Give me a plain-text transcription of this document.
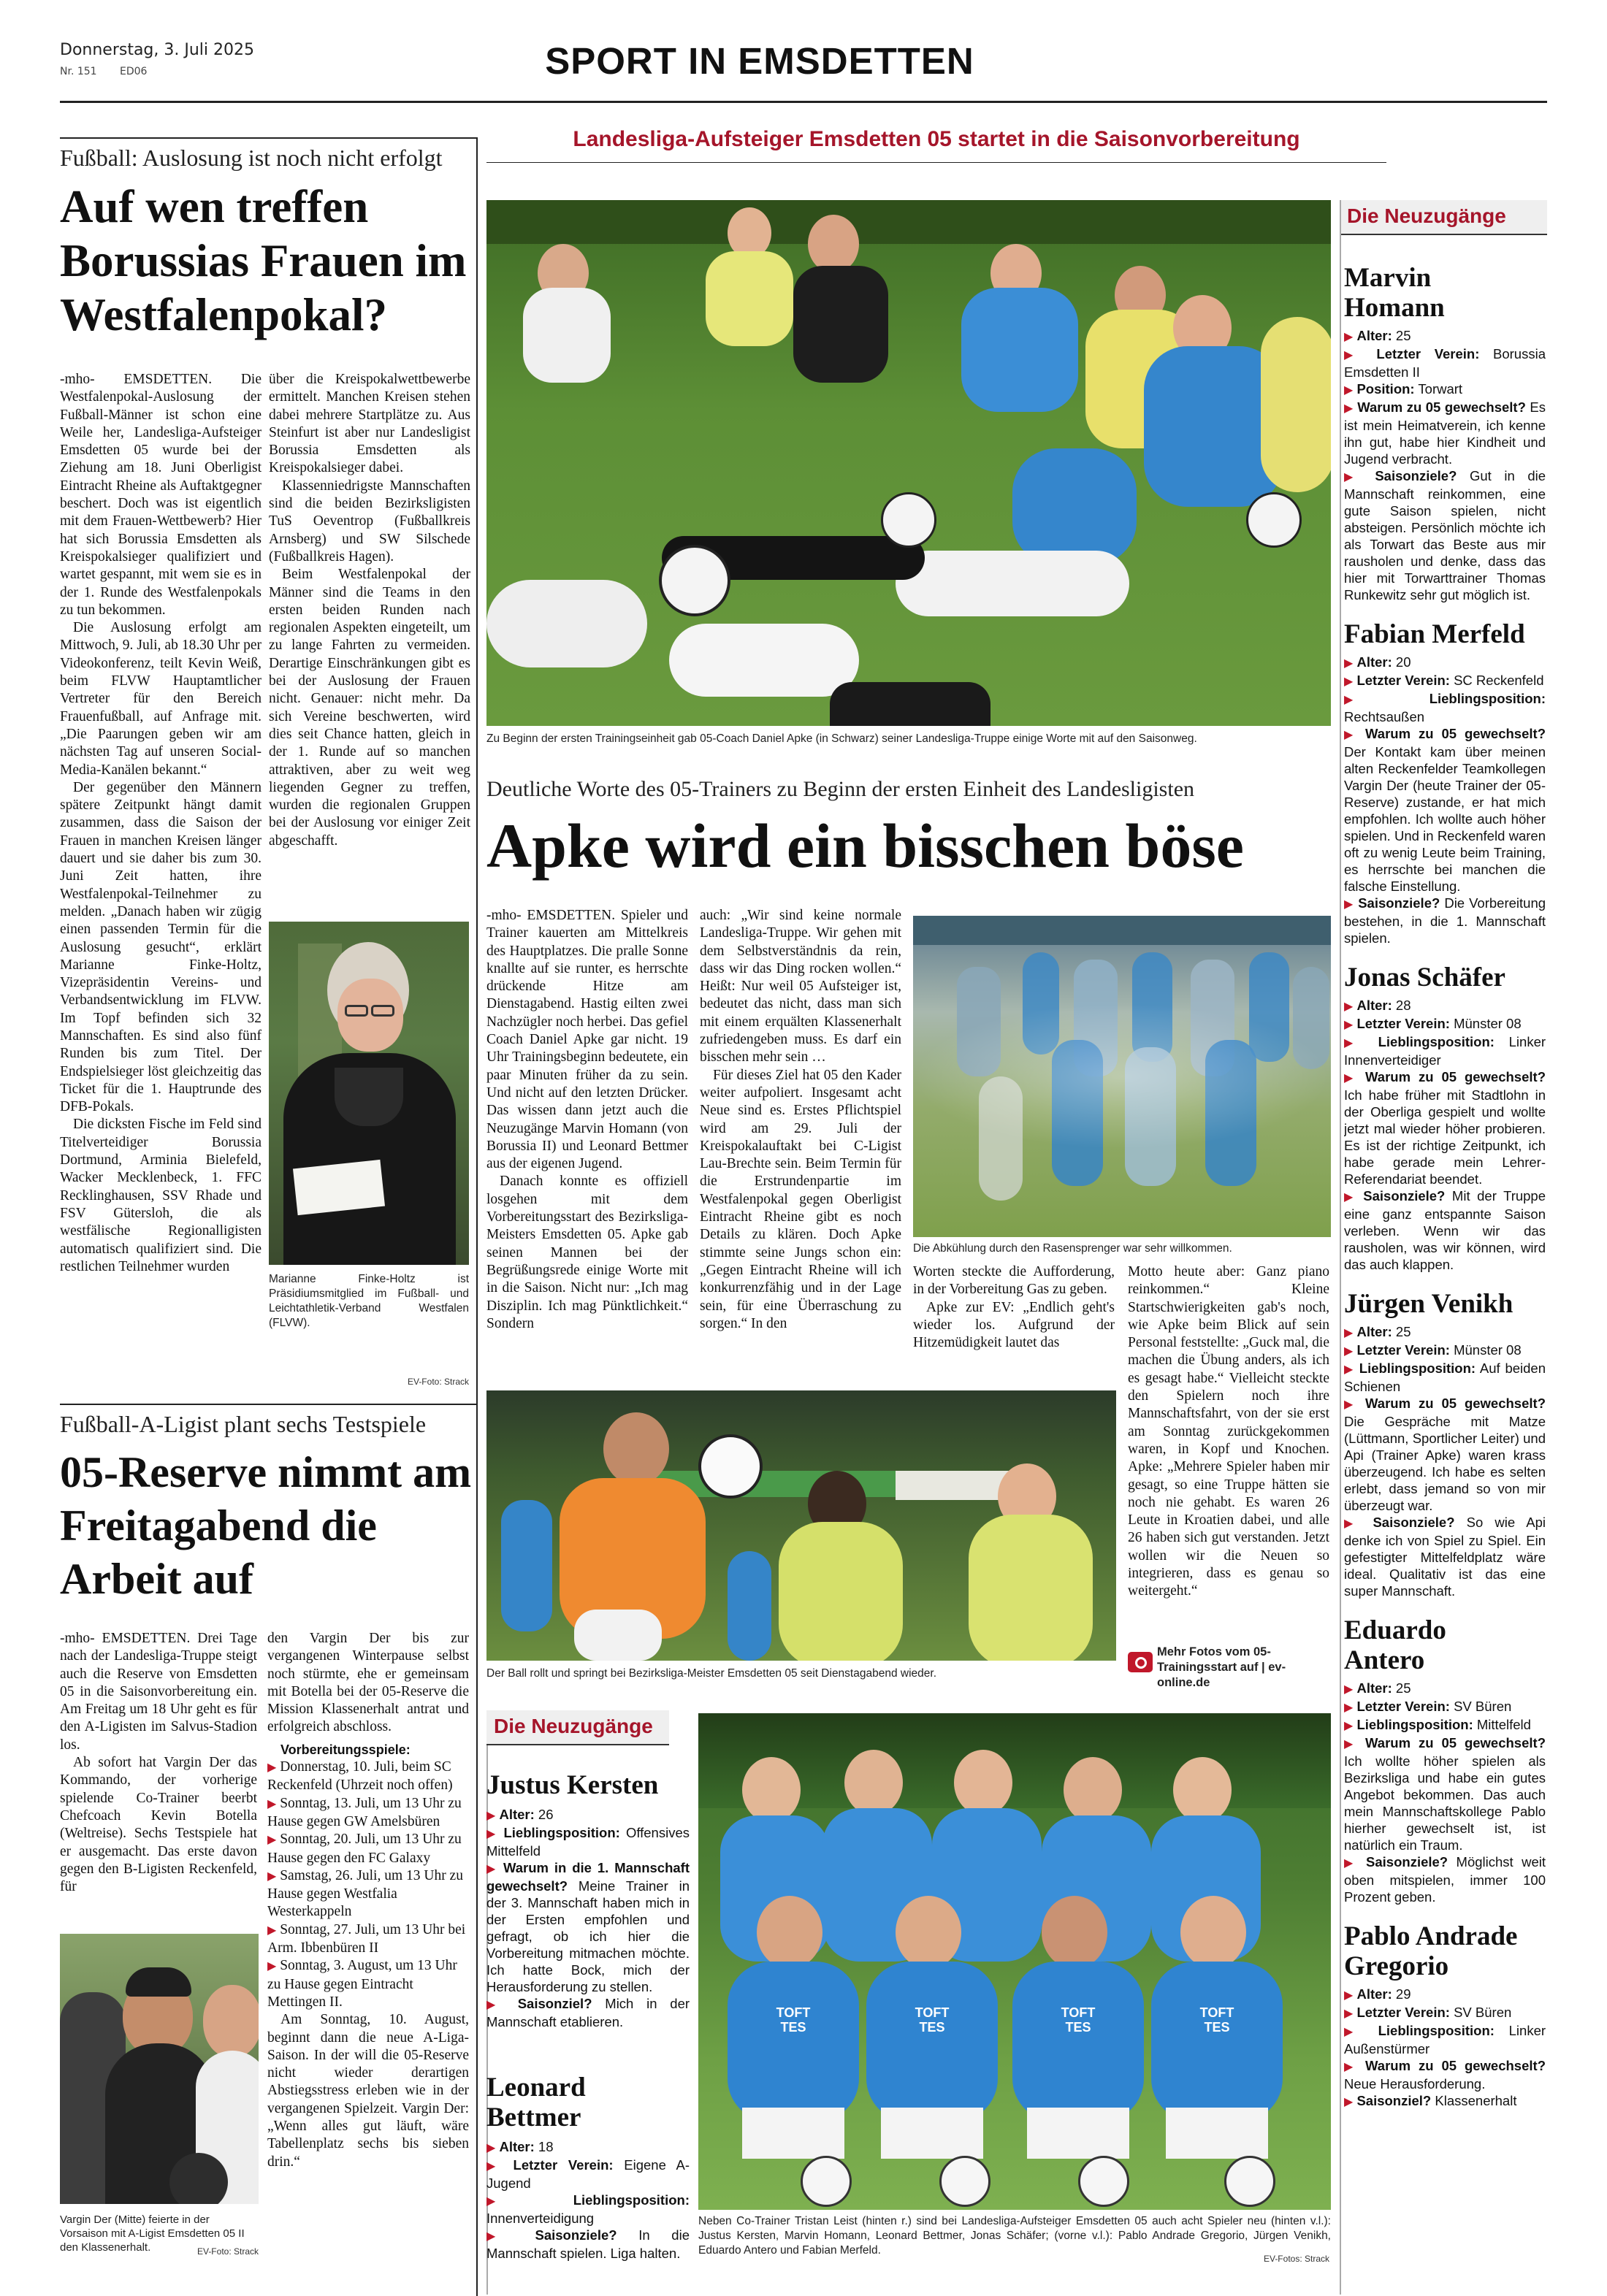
Donnerstag, 3. Juli 2025
Nr. 151 ED06	SPORT IN EMSDETTEN
Fußball: Auslosung ist noch nicht erfolgt
Auf wen treffen Borussias Frauen im Westfalenpokal?

-mho- EMSDETTEN. Die Westfalenpokal-Auslosung der Fußball-Männer ist schon eine Weile her, Landesliga-Aufsteiger Emsdetten 05 wurde bei der Ziehung am 18. Juni Oberligist Eintracht Rheine als Auftaktgegner beschert. Doch was ist eigentlich mit dem Frauen-Wettbewerb? Hier hat sich Borussia Emsdetten als Kreispokalsieger qualifiziert und wartet gespannt, mit wem sie es in der 1. Runde des Westfalenpokals zu tun bekommen.

Die Auslosung erfolgt am Mittwoch, 9. Juli, ab 18.30 Uhr per Videokonferenz, teilt Kevin Weiß, beim FLVW Hauptamtlicher Vertreter für den Bereich Frauenfußball, auf Anfrage mit. „Die Paarungen geben wir am nächsten Tag auf unseren Social-Media-Kanälen bekannt.“

Der gegenüber den Männern spätere Zeitpunkt hängt damit zusammen, dass die Saison der Frauen in manchen Kreisen länger dauert und sie daher bis zum 30. Juni Zeit hatten, ihre Westfalenpokal-Teilnehmer zu melden. „Danach haben wir zügig einen passenden Termin für die Auslosung gesucht“, erklärt Marianne Finke-Holtz, Vizepräsidentin Vereins- und Verbandsentwicklung im FLVW. Im Topf befinden sich 32 Mannschaften. Es sind also fünf Runden bis zum Titel. Der Endspielsieger löst gleichzeitig das Ticket für die 1. Hauptrunde des DFB-Pokals.

Die dicksten Fische im Feld sind Titelverteidiger Borussia Dortmund, Arminia Bielefeld, Wacker Mecklenbeck, 1. FFC Recklinghausen, SSV Rhade und FSV Gütersloh, die als westfälische Regionalligisten automatisch qualifiziert sind. Die restlichen Teilnehmer wurden

über die Kreispokalwettbewerbe ermittelt. Manchen Kreisen stehen dabei mehrere Startplätze zu. Aus Steinfurt ist aber nur Landesligist Borussia Emsdetten als Kreispokalsieger dabei.

Klassenniedrigste Mannschaften sind die beiden Bezirksligisten TuS Oeventrop (Fußballkreis Arnsberg) und SW Silschede (Fußballkreis Hagen).

Beim Westfalenpokal der Männer sind die Teams in den ersten beiden Runden nach regionalen Aspekten eingeteilt, um zu lange Fahrten zu vermeiden. Derartige Einschränkungen gibt es bei der Auslosung der Frauen nicht. Genauer: nicht mehr. Da sich Vereine beschwerten, wird dies seit Chance hatten, gleich in der 1. Runde auf so manchen attraktiven, aber zu weit weg liegenden Gegner zu treffen, wurden die regionalen Gruppen bei der Auslosung vor einiger Zeit abgeschafft.

Marianne Finke-Holtz ist Präsidiumsmitglied im Fußball- und Leichtathletik-Verband Westfalen (FLVW).
EV-Foto: Strack
Fußball-A-Ligist plant sechs Testspiele
05-Reserve nimmt am Freitagabend die Arbeit auf

-mho- EMSDETTEN. Drei Tage nach der Landesliga-Truppe steigt auch die Reserve von Emsdetten 05 in die Saisonvorbereitung ein. Am Freitag um 18 Uhr geht es für den A-Ligisten im Salvus-Stadion los.

Ab sofort hat Vargin Der das Kommando, der vorherige spielende Co-Trainer beerbt Chefcoach Kevin Botella (Weltreise). Sechs Testspiele hat er ausgemacht. Das erste davon gegen den B-Ligisten Reckenfeld, für

Vargin Der (Mitte) feierte in der Vorsaison mit A-Ligist Emsdetten 05 II den Klassenerhalt.	EV-Foto: Strack

den Vargin Der bis zur vergangenen Winterpause selbst noch stürmte, ehe er gemeinsam mit Botella bei der 05-Reserve die Mission Klassenerhalt antrat und erfolgreich abschloss.

Vorbereitungsspiele:
▶ Donnerstag, 10. Juli, beim SC Reckenfeld (Uhrzeit noch offen)
▶ Sonntag, 13. Juli, um 13 Uhr zu Hause gegen GW Amelsbüren
▶ Sonntag, 20. Juli, um 13 Uhr zu Hause gegen den FC Galaxy
▶ Samstag, 26. Juli, um 13 Uhr zu Hause gegen Westfalia Westerkappeln
▶ Sonntag, 27. Juli, um 13 Uhr bei Arm. Ibbenbüren II
▶ Sonntag, 3. August, um 13 Uhr zu Hause gegen Eintracht Mettingen II.

Am Sonntag, 10. August, beginnt dann die neue A-Liga-Saison. In der will die 05-Reserve nicht wieder derartigen Abstiegsstress erleben wie in der vergangenen Spielzeit. Vargin Der: „Wenn alles gut läuft, wäre Tabellenplatz sechs bis sieben drin.“

Landesliga-Aufsteiger Emsdetten 05 startet in die Saisonvorbereitung
Zu Beginn der ersten Trainingseinheit gab 05-Coach Daniel Apke (in Schwarz) seiner Landesliga-Truppe einige Worte mit auf den Saisonweg.
Deutliche Worte des 05-Trainers zu Beginn der ersten Einheit des Landesligisten
Apke wird ein bisschen böse

-mho- EMSDETTEN. Spieler und Trainer kauerten am Mittelkreis des Hauptplatzes. Die pralle Sonne knallte auf sie runter, es herrschte drückende Hitze am Dienstagabend. Hastig eilten zwei Nachzügler noch herbei. Das gefiel Coach Daniel Apke gar nicht. 19 Uhr Trainingsbeginn bedeutete, ein paar Minuten früher da zu sein. Und nicht auf den letzten Drücker. Das wissen dann jetzt auch die Neuzugänge Marvin Homann (von Borussia II) und Leonard Bettmer aus der eigenen Jugend.

Danach konnte es offiziell losgehen mit dem Vorbereitungsstart des Bezirksliga-Meisters Emsdetten 05. Apke gab seinen Mannen bei der Begrüßungsrede einige Worte mit in die Saison. Nicht nur: „Ich mag Disziplin. Ich mag Pünktlichkeit.“ Sondern

auch: „Wir sind keine normale Landesliga-Truppe. Wir gehen mit dem Selbstverständnis da rein, dass wir das Ding rocken wollen.“ Heißt: Nur weil 05 Aufsteiger ist, bedeutet das nicht, dass man sich mit einem erquälten Klassenerhalt zufriedengeben muss. Es darf ein bisschen mehr sein …

Für dieses Ziel hat 05 den Kader weiter aufpoliert. Insgesamt acht Neue sind es. Erstes Pflichtspiel wird am 29. Juli der Kreispokalauftakt bei C-Ligist Lau-Brechte sein. Beim Termin für die Erstrundenpartie im Westfalenpokal gegen Oberligist Eintracht Rheine gibt es noch Details zu klären. Doch Apke stimmte seine Jungs schon ein: „Gegen Eintracht Rheine will ich konkurrenzfähig und in der Lage sein, für eine Überraschung zu sorgen.“ In den

Die Abkühlung durch den Rasensprenger war sehr willkommen.

Worten steckte die Aufforderung, in der Vorbereitung Gas zu geben.

Apke zur EV: „Endlich geht's wieder los. Aufgrund der Hitzemüdigkeit lautet das

Motto heute aber: Ganz piano reinkommen.“ Kleine Startschwierigkeiten gab's noch, wie Apke beim Blick auf sein Personal feststellte: „Guck mal, die machen die Übung anders, als ich es gesagt habe.“ Vielleicht steckte den Spielern noch ihre Mannschaftsfahrt, von der sie erst am Sonntag zurückgekommen waren, in Kopf und Knochen. Apke: „Mehrere Spieler haben mir gesagt, so eine Truppe hätten sie noch nie gehabt. Es waren 26 Leute in Kroatien dabei, und alle 26 haben sich gut verstanden. Jetzt wollen wir die Neuen so integrieren, dass es genau so weitergeht.“

Der Ball rollt und springt bei Bezirksliga-Meister Emsdetten 05 seit Dienstagabend wieder.
Mehr Fotos vom 05-Trainingsstart auf | ev-online.de
Die Neuzugänge
Justus Kersten
▶ Alter: 26
▶ Lieblingsposition: Offensives Mittelfeld
▶ Warum in die 1. Mannschaft gewechselt? Meine Trainer in der 3. Mannschaft haben mich in der Ersten empfohlen und gefragt, ob ich hier die Vorbereitung mitmachen möchte. Ich hatte Bock, mich der Herausforderung zu stellen.
▶ Saisonziel? Mich in der Mannschaft etablieren.
Leonard Bettmer
▶ Alter: 18
▶ Letzter Verein: Eigene A-Jugend
▶	Lieblingsposition: Innenverteidigung
▶ Saisonziele? In die Mannschaft spielen. Liga halten.
TOFT TES
TOFT TES
TOFT TES
TOFT TES
Neben Co-Trainer Tristan Leist (hinten r.) sind bei Landesliga-Aufsteiger Emsdetten 05 auch acht Spieler neu (hinten v.l.): Justus Kersten, Marvin Homann, Leonard Bettmer, Jonas Schäfer; (vorne v.l.): Pablo Andrade Gregorio, Jürgen Venikh, Eduardo Antero und Fabian Merfeld.
EV-Fotos: Strack
Die Neuzugänge
Marvin Homann
▶ Alter: 25
▶ Letzter Verein: Borussia Emsdetten II
▶ Position: Torwart
▶ Warum zu 05 gewechselt? Es ist mein Heimatverein, ich kenne ihn gut, habe hier Kindheit und Jugend verbracht.
▶ Saisonziele? Gut in die Mannschaft reinkommen, eine gute Saison spielen, nicht absteigen. Persönlich möchte ich als Torwart das Beste aus mir rausholen und denke, dass das hier mit Torwarttrainer Thomas Runkewitz sehr gut möglich ist.
Fabian Merfeld
▶ Alter: 20
▶ Letzter Verein: SC Reckenfeld
▶	Lieblingsposition: Rechtsaußen
▶ Warum zu 05 gewechselt? Der Kontakt kam über meinen alten Reckenfelder Teamkollegen Vargin Der (heute Trainer der 05-Reserve) zustande, er hat mich empfohlen. Ich wollte auch höher spielen. Und in Reckenfeld waren oft zu wenig Leute beim Training, es herrschte bei manchen die falsche Einstellung.
▶ Saisonziele? Die Vorbereitung bestehen, in die 1. Mannschaft spielen.
Jonas Schäfer
▶ Alter: 28
▶ Letzter Verein: Münster 08
▶ Lieblingsposition: Linker Innenverteidiger
▶ Warum zu 05 gewechselt? Ich habe früher mit Stadtlohn in der Oberliga gespielt und wollte jetzt mal wieder höher probieren. Es ist der richtige Zeitpunkt, ich habe gerade mein Lehrer-Referendariat beendet.
▶ Saisonziele? Mit der Truppe eine ganz entspannte Saison verleben. Wenn wir das rausholen, was wir können, wird das auch klappen.
Jürgen Venikh
▶ Alter: 25
▶ Letzter Verein: Münster 08
▶ Lieblingsposition: Auf beiden Schienen
▶ Warum zu 05 gewechselt? Die Gespräche mit Matze (Lüttmann, Sportlicher Leiter) und Api (Trainer Apke) waren krass überzeugend. Ich habe es selten erlebt, dass jemand so von mir überzeugt war.
▶ Saisonziele? So wie Api denke ich von Spiel zu Spiel. Ein gefestigter Mittelfeldplatz wäre ideal. Qualitativ ist das eine super Mannschaft.
Eduardo Antero
▶ Alter: 25
▶ Letzter Verein: SV Büren
▶ Lieblingsposition: Mittelfeld
▶ Warum zu 05 gewechselt? Ich wollte höher spielen als Bezirksliga und habe ein gutes Angebot bekommen. Das auch mein Mannschaftskollege Pablo hierher gewechselt ist, ist natürlich ein Traum.
▶ Saisonziele? Möglichst weit oben mitspielen, immer 100 Prozent geben.
Pablo Andrade Gregorio
▶ Alter: 29
▶ Letzter Verein: SV Büren
▶ Lieblingsposition: Linker Außenstürmer
▶ Warum zu 05 gewechselt? Neue Herausforderung.
▶ Saisonziel? Klassenerhalt
